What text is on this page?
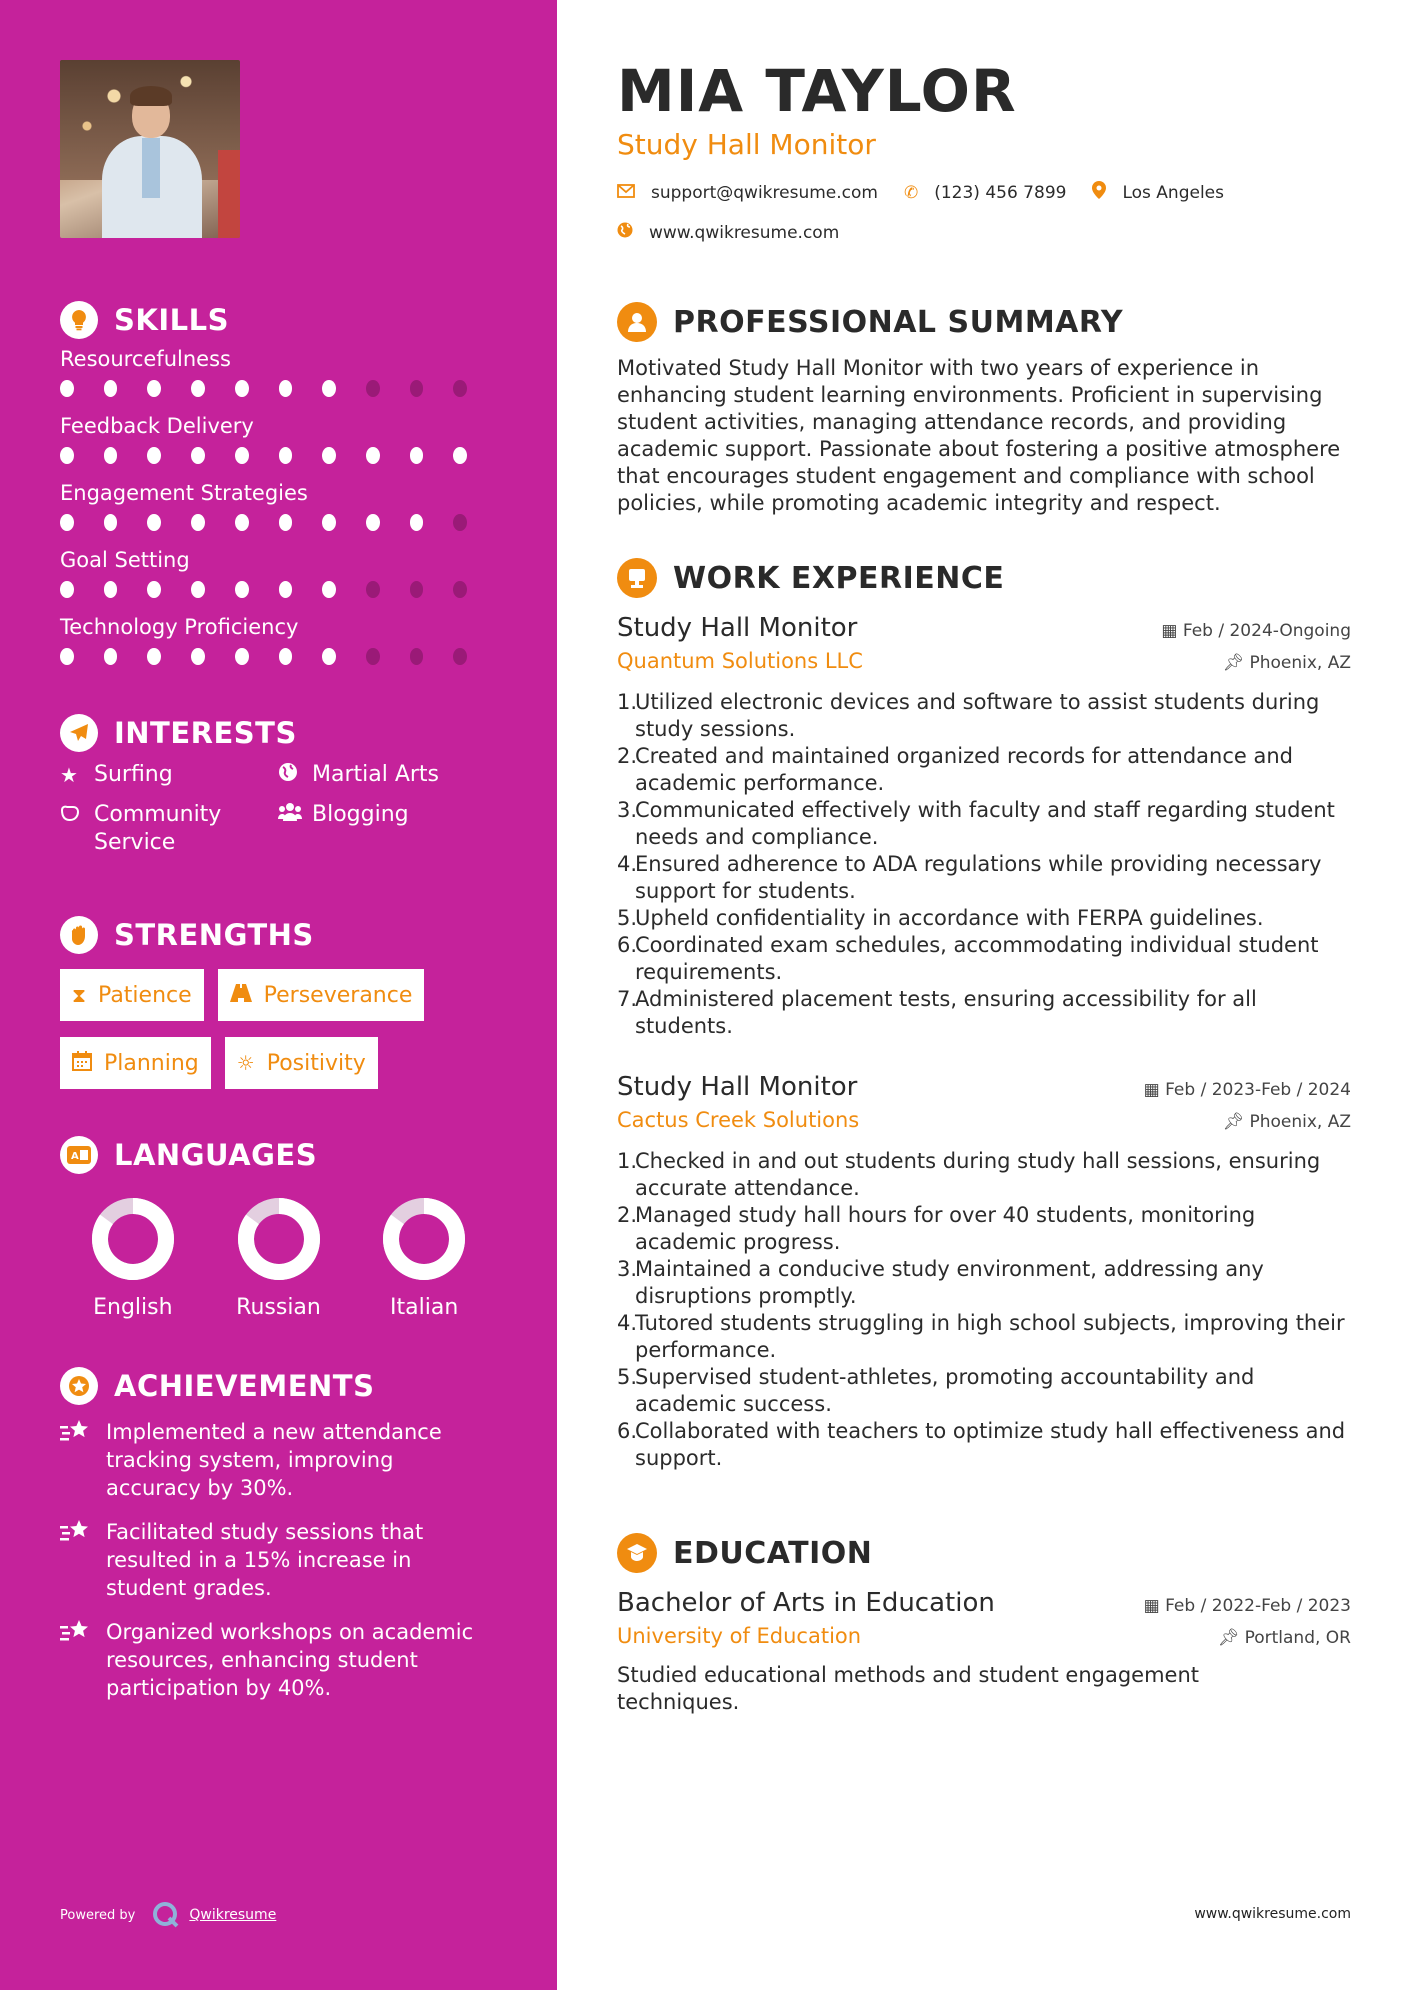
SKILLS
Resourcefulness
Feedback Delivery
Engagement Strategies
Goal Setting
Technology Proficiency
INTERESTS
★ Surfing	Martial Arts
Community Service
Blogging
STRENGTHS
⧗ Patience	Perseverance
Planning ☼ Positivity
A LANGUAGES
English	Russian	Italian
ACHIEVEMENTS
Implemented a new attendance tracking system, improving accuracy by 30%.
Facilitated study sessions that resulted in a 15% increase in student grades.
Organized workshops on academic resources, enhancing student participation by 40%.
Powered by	Qwikresume
MIA TAYLOR
Study Hall Monitor
support@qwikresume.com ✆ (123) 456 7899	Los Angeles
www.qwikresume.com
PROFESSIONAL SUMMARY

Motivated Study Hall Monitor with two years of experience in enhancing student learning environments. Proficient in supervising student activities, managing attendance records, and providing academic support. Passionate about fostering a positive atmosphere that encourages student engagement and compliance with school policies, while promoting academic integrity and respect.

WORK EXPERIENCE
Study Hall Monitor	▦ Feb / 2024-Ongoing
Quantum Solutions LLC	📌︎ Phoenix, AZ
1.
Utilized electronic devices and software to assist students during study sessions.
2.
Created and maintained organized records for attendance and academic performance.
3.
Communicated effectively with faculty and staff regarding student needs and compliance.
4.
Ensured adherence to ADA regulations while providing necessary support for students.
5.
Upheld confidentiality in accordance with FERPA guidelines.
6.
Coordinated exam schedules, accommodating individual student requirements.
7.
Administered placement tests, ensuring accessibility for all students.
Study Hall Monitor	▦ Feb / 2023-Feb / 2024
Cactus Creek Solutions	📌︎ Phoenix, AZ
1.
Checked in and out students during study hall sessions, ensuring accurate attendance.
2.
Managed study hall hours for over 40 students, monitoring academic progress.
3.
Maintained a conducive study environment, addressing any disruptions promptly.
4.
Tutored students struggling in high school subjects, improving their performance.
5.
Supervised student-athletes, promoting accountability and academic success.
6.
Collaborated with teachers to optimize study hall effectiveness and support.
EDUCATION
Bachelor of Arts in Education	▦ Feb / 2022-Feb / 2023
University of Education	📌︎ Portland, OR

Studied educational methods and student engagement techniques.

www.qwikresume.com
